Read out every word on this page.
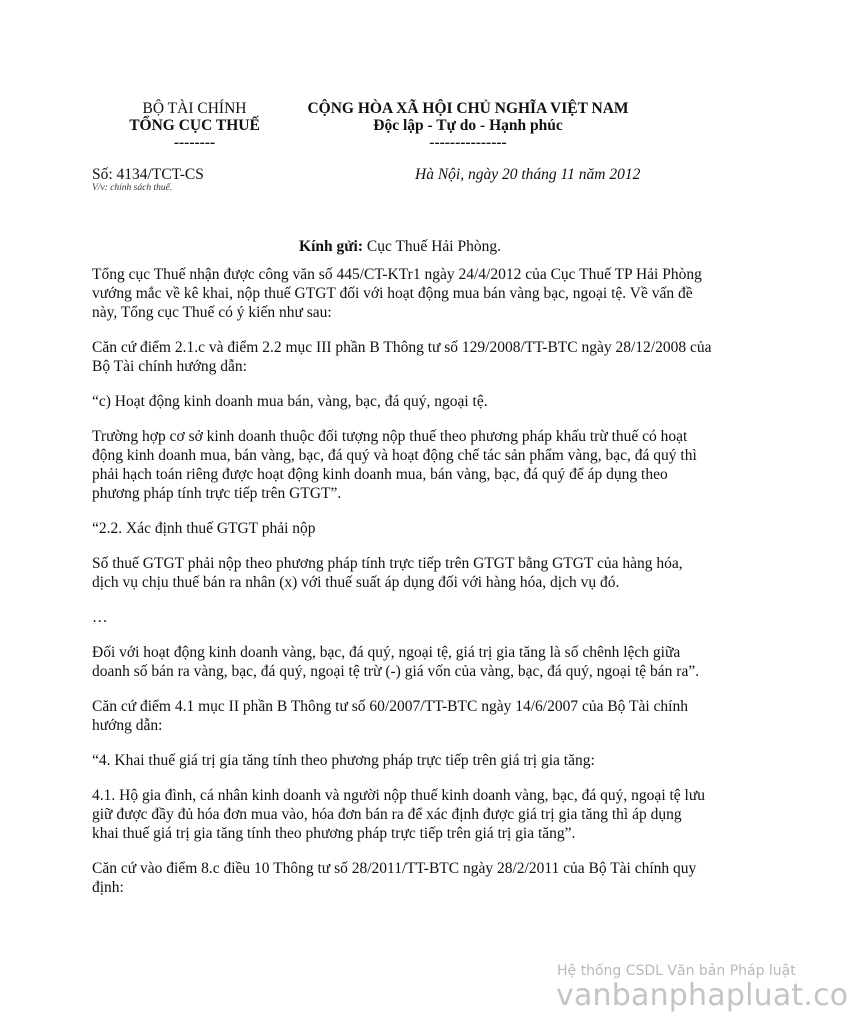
BỘ TÀI CHÍNH
TỔNG CỤC THUẾ
--------
CỘNG HÒA XÃ HỘI CHỦ NGHĨA VIỆT NAM
Độc lập - Tự do - Hạnh phúc
---------------
Số: 4134/TCT-CS
V/v: chính sách thuế.
Hà Nội, ngày 20 tháng 11 năm 2012
Kính gửi: Cục Thuế Hải Phòng.

Tổng cục Thuế nhận được công văn số 445/CT-KTr1 ngày 24/4/2012 của Cục Thuế TP Hải Phòng vướng mắc về kê khai, nộp thuế GTGT đối với hoạt động mua bán vàng bạc, ngoại tệ. Về vấn đề này, Tổng cục Thuế có ý kiến như sau:

Căn cứ điểm 2.1.c và điểm 2.2 mục III phần B Thông tư số 129/2008/TT-BTC ngày 28/12/2008 của Bộ Tài chính hướng dẫn:

“c) Hoạt động kinh doanh mua bán, vàng, bạc, đá quý, ngoại tệ.

Trường hợp cơ sở kinh doanh thuộc đối tượng nộp thuế theo phương pháp khấu trừ thuế có hoạt động kinh doanh mua, bán vàng, bạc, đá quý và hoạt động chế tác sản phẩm vàng, bạc, đá quý thì phải hạch toán riêng được hoạt động kinh doanh mua, bán vàng, bạc, đá quý để áp dụng theo phương pháp tính trực tiếp trên GTGT”.

“2.2. Xác định thuế GTGT phải nộp

Số thuế GTGT phải nộp theo phương pháp tính trực tiếp trên GTGT bằng GTGT của hàng hóa, dịch vụ chịu thuế bán ra nhân (x) với thuế suất áp dụng đối với hàng hóa, dịch vụ đó.

…

Đối với hoạt động kinh doanh vàng, bạc, đá quý, ngoại tệ, giá trị gia tăng là số chênh lệch giữa doanh số bán ra vàng, bạc, đá quý, ngoại tệ trừ (-) giá vốn của vàng, bạc, đá quý, ngoại tệ bán ra”.

Căn cứ điểm 4.1 mục II phần B Thông tư số 60/2007/TT-BTC ngày 14/6/2007 của Bộ Tài chính hướng dẫn:

“4. Khai thuế giá trị gia tăng tính theo phương pháp trực tiếp trên giá trị gia tăng:

4.1. Hộ gia đình, cá nhân kinh doanh và người nộp thuế kinh doanh vàng, bạc, đá quý, ngoại tệ lưu giữ được đầy đủ hóa đơn mua vào, hóa đơn bán ra để xác định được giá trị gia tăng thì áp dụng khai thuế giá trị gia tăng tính theo phương pháp trực tiếp trên giá trị gia tăng”.

Căn cứ vào điểm 8.c điều 10 Thông tư số 28/2011/TT-BTC ngày 28/2/2011 của Bộ Tài chính quy định:

Hệ thống CSDL Văn bản Pháp luật
vanbanphapluat.co
